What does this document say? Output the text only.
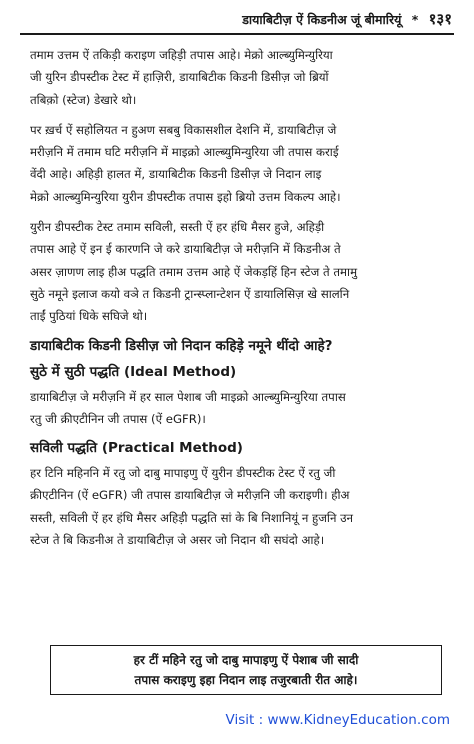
डायाबिटीज़ ऐं किडनीअ जूं बीमारियूं * १३१
तमाम उत्तम ऐं तकिड़ी कराइण जहिड़ी तपास आहे। मेक्रो आल्ब्युमिन्युरिया
जी युरिन डीपस्टीक टेस्ट में हाज़िरी, डायाबिटीक किडनी डिसीज़ जो ब्रियों
तबिक़ो (स्टेज) डेखारे थो।
पर ख़र्च ऐं सहोलियत न हुअण सबबु विकासशील देशनि में, डायाबिटीज़ जे
मरीज़नि में तमाम घटि मरीज़नि में माइक्रो आल्ब्युमिन्युरिया जी तपास कराई
वेंदी आहे। अहिड़ी हालत में, डायाबिटीक किडनी डिसीज़ जे निदान लाइ
मेक्रो आल्ब्युमिन्युरिया युरीन डीपस्टीक तपास इहो ब्रियो उत्तम विकल्प आहे।
युरीन डीपस्टीक टेस्ट तमाम सविली, सस्ती ऐं हर हंधि मैसर हुजे, अहिड़ी
तपास आहे ऐं इन ई कारणनि जे करे डायाबिटीज़ जे मरीज़नि में किडनीअ ते
असर ज़ाणण लाइ हीअ पद्धति तमाम उत्तम आहे ऐं जेकड़हिं हिन स्टेज ते तमामु
सुठे नमूने इलाज कयो वञे त किडनी ट्रान्स्प्लान्टेशन ऐं डायालिसिज़ खे सालनि
ताईं पुठियां धिके सघिजे थो।
डायाबिटीक किडनी डिसीज़ जो निदान कहिड़े नमूने थींदो आहे?
सुठे में सुठी पद्धति (Ideal Method)
डायाबिटीज़ जे मरीज़नि में हर साल पेशाब जी माइक्रो आल्ब्युमिन्युरिया तपास
रतु जी क्रीएटीनिन जी तपास (ऐं eGFR)।
सविली पद्धति (Practical Method)
हर टिनि महिननि में रतु जो दाबु मापाइणु ऐं युरीन डीपस्टीक टेस्ट ऐं रतु जी
क्रीएटीनिन (ऐं eGFR) जी तपास डायाबिटीज़ जे मरीज़नि जी कराइणी। हीअ
सस्ती, सविली ऐं हर हंधि मैसर अहिड़ी पद्धति सां के बि निशानियूं न हुजनि उन
स्टेज ते बि किडनीअ ते डायाबिटीज़ जे असर जो निदान थी सघंदो आहे।
हर टीं महिने रतु जो दाबु मापाइणु ऐं पेशाब जी सादी
तपास कराइणु इहा निदान लाइ तजुरबाती रीत आहे।
Visit : www.KidneyEducation.com
